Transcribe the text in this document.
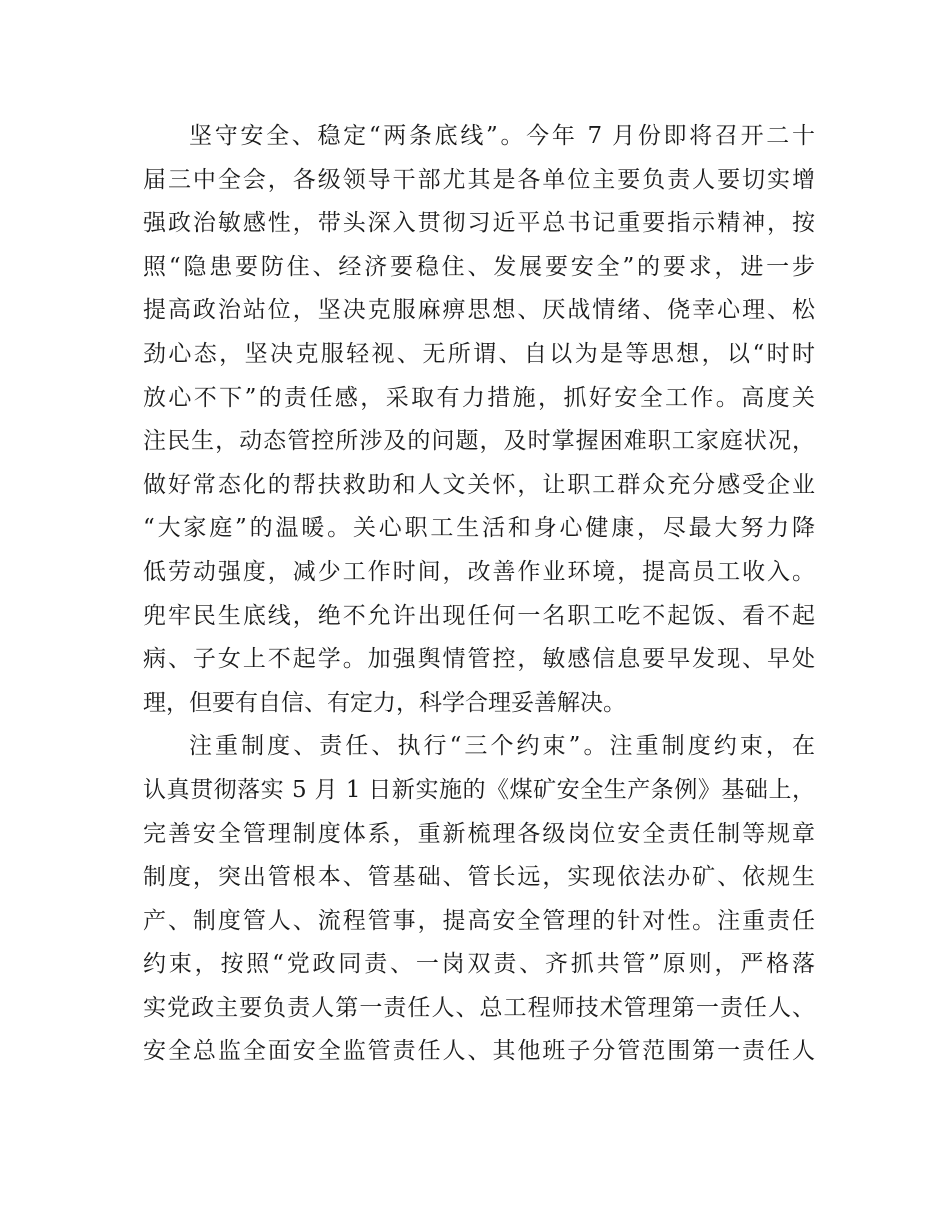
坚守安全、稳定“两条底线”。今年 7 月份即将召开二十
届三中全会，各级领导干部尤其是各单位主要负责人要切实增
强政治敏感性，带头深入贯彻习近平总书记重要指示精神，按
照“隐患要防住、经济要稳住、发展要安全”的要求，进一步
提高政治站位，坚决克服麻痹思想、厌战情绪、侥幸心理、松
劲心态，坚决克服轻视、无所谓、自以为是等思想，以“时时
放心不下”的责任感，采取有力措施，抓好安全工作。高度关
注民生，动态管控所涉及的问题，及时掌握困难职工家庭状况，
做好常态化的帮扶救助和人文关怀，让职工群众充分感受企业
“大家庭”的温暖。关心职工生活和身心健康，尽最大努力降
低劳动强度，减少工作时间，改善作业环境，提高员工收入。
兜牢民生底线，绝不允许出现任何一名职工吃不起饭、看不起
病、子女上不起学。加强舆情管控，敏感信息要早发现、早处
理，但要有自信、有定力，科学合理妥善解决。
注重制度、责任、执行“三个约束”。注重制度约束，在
认真贯彻落实 5 月 1 日新实施的《煤矿安全生产条例》基础上，
完善安全管理制度体系，重新梳理各级岗位安全责任制等规章
制度，突出管根本、管基础、管长远，实现依法办矿、依规生
产、制度管人、流程管事，提高安全管理的针对性。注重责任
约束，按照“党政同责、一岗双责、齐抓共管”原则，严格落
实党政主要负责人第一责任人、总工程师技术管理第一责任人、
安全总监全面安全监管责任人、其他班子分管范围第一责任人
